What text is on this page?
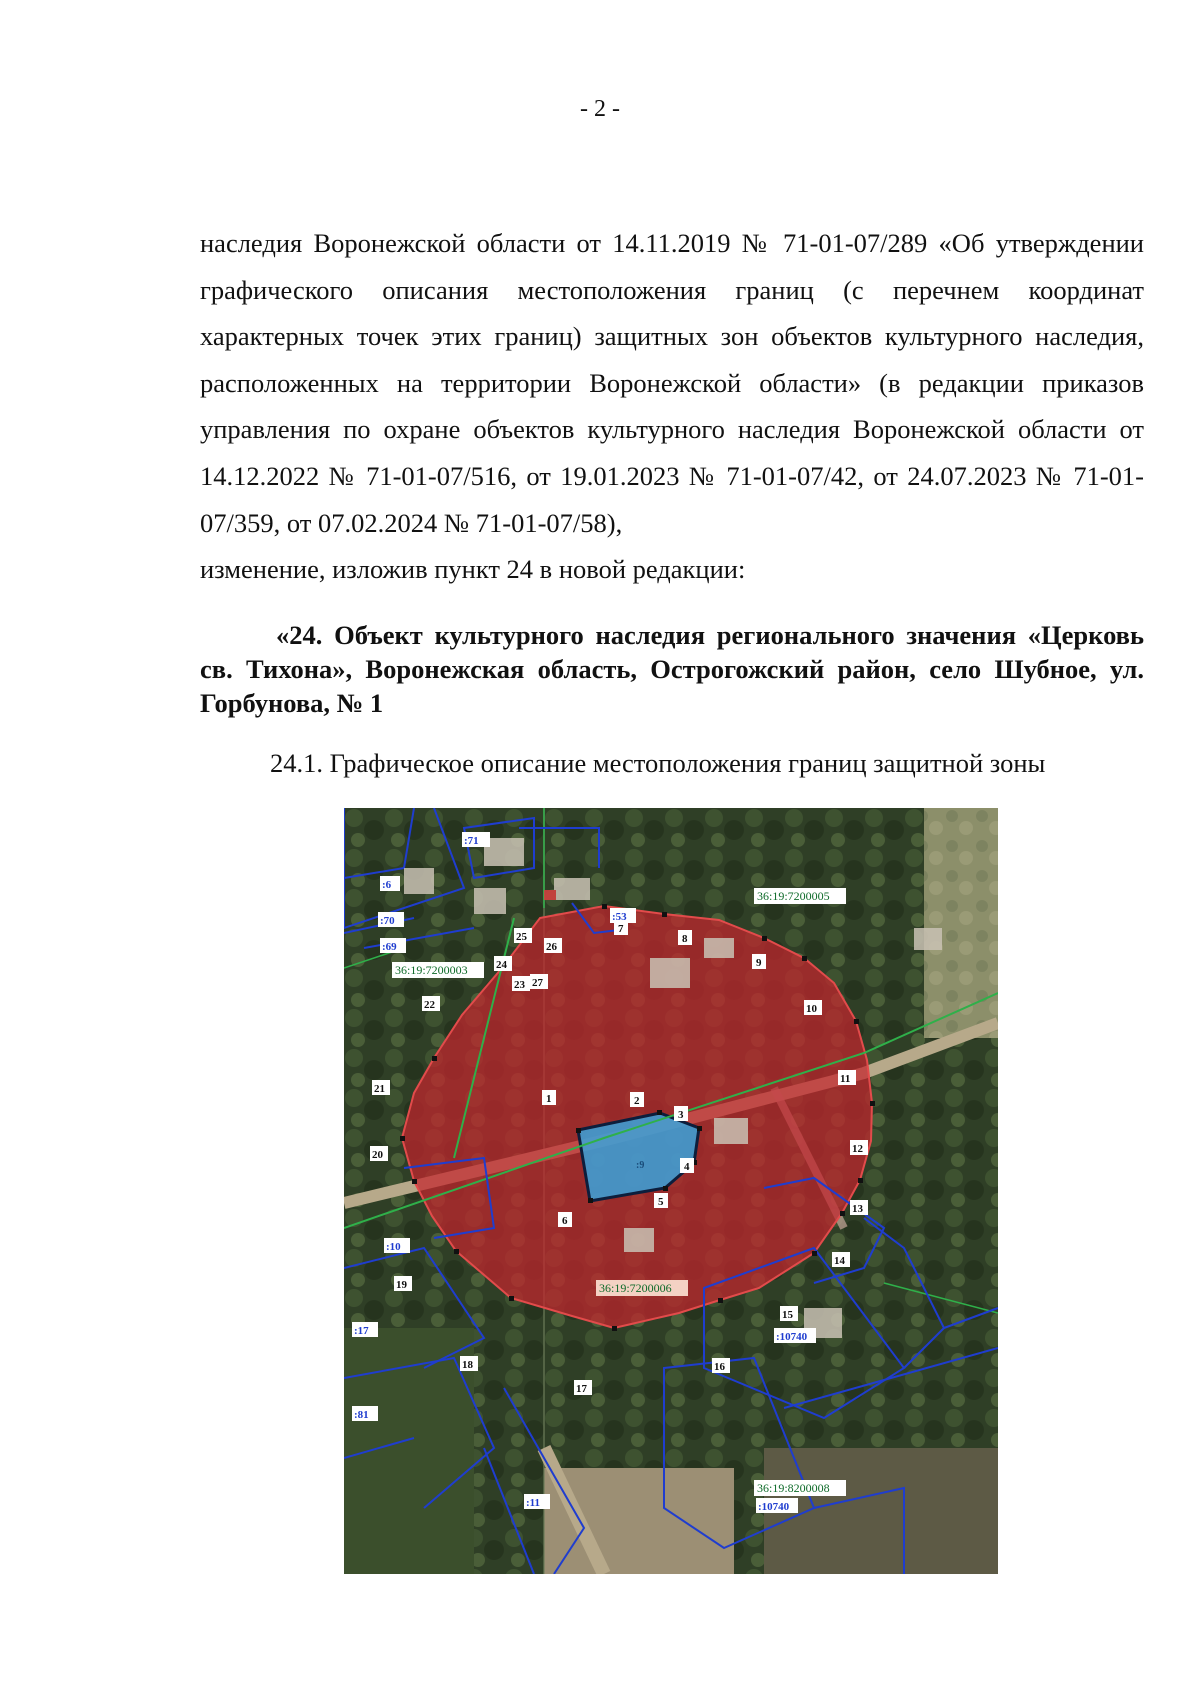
- 2 -

наследия Воронежской области от 14.11.2019 № 71-01-07/289 «Об утверждении графического описания местоположения границ (с перечнем координат характерных точек этих границ) защитных зон объектов культурного наследия, расположенных на территории Воронежской области» (в редакции приказов управления по охране объектов культурного наследия Воронежской области от 14.12.2022 № 71-01-07/516, от 19.01.2023 № 71-01-07/42, от 24.07.2023 № 71-01-07/359, от 07.02.2024 № 71-01-07/58),

изменение, изложив пункт 24 в новой редакции:

«24. Объект культурного наследия регионального значения «Церковь св. Тихона», Воронежская область, Острогожский район, село Шубное, ул. Горбунова, № 1
24.1. Графическое описание местоположения границ защитной зоны
1	2
3
4
5
6
7
8
9
10
11
12
13
14
15
16
17
18
19
20
21
22
23
24
25
26
27
36:19:7200005
36:19:7200003
36:19:7200006
36:19:8200008
:71
:6
:70
:69
:53
:10
:17
:81
:11
:10740
:10740
:9
